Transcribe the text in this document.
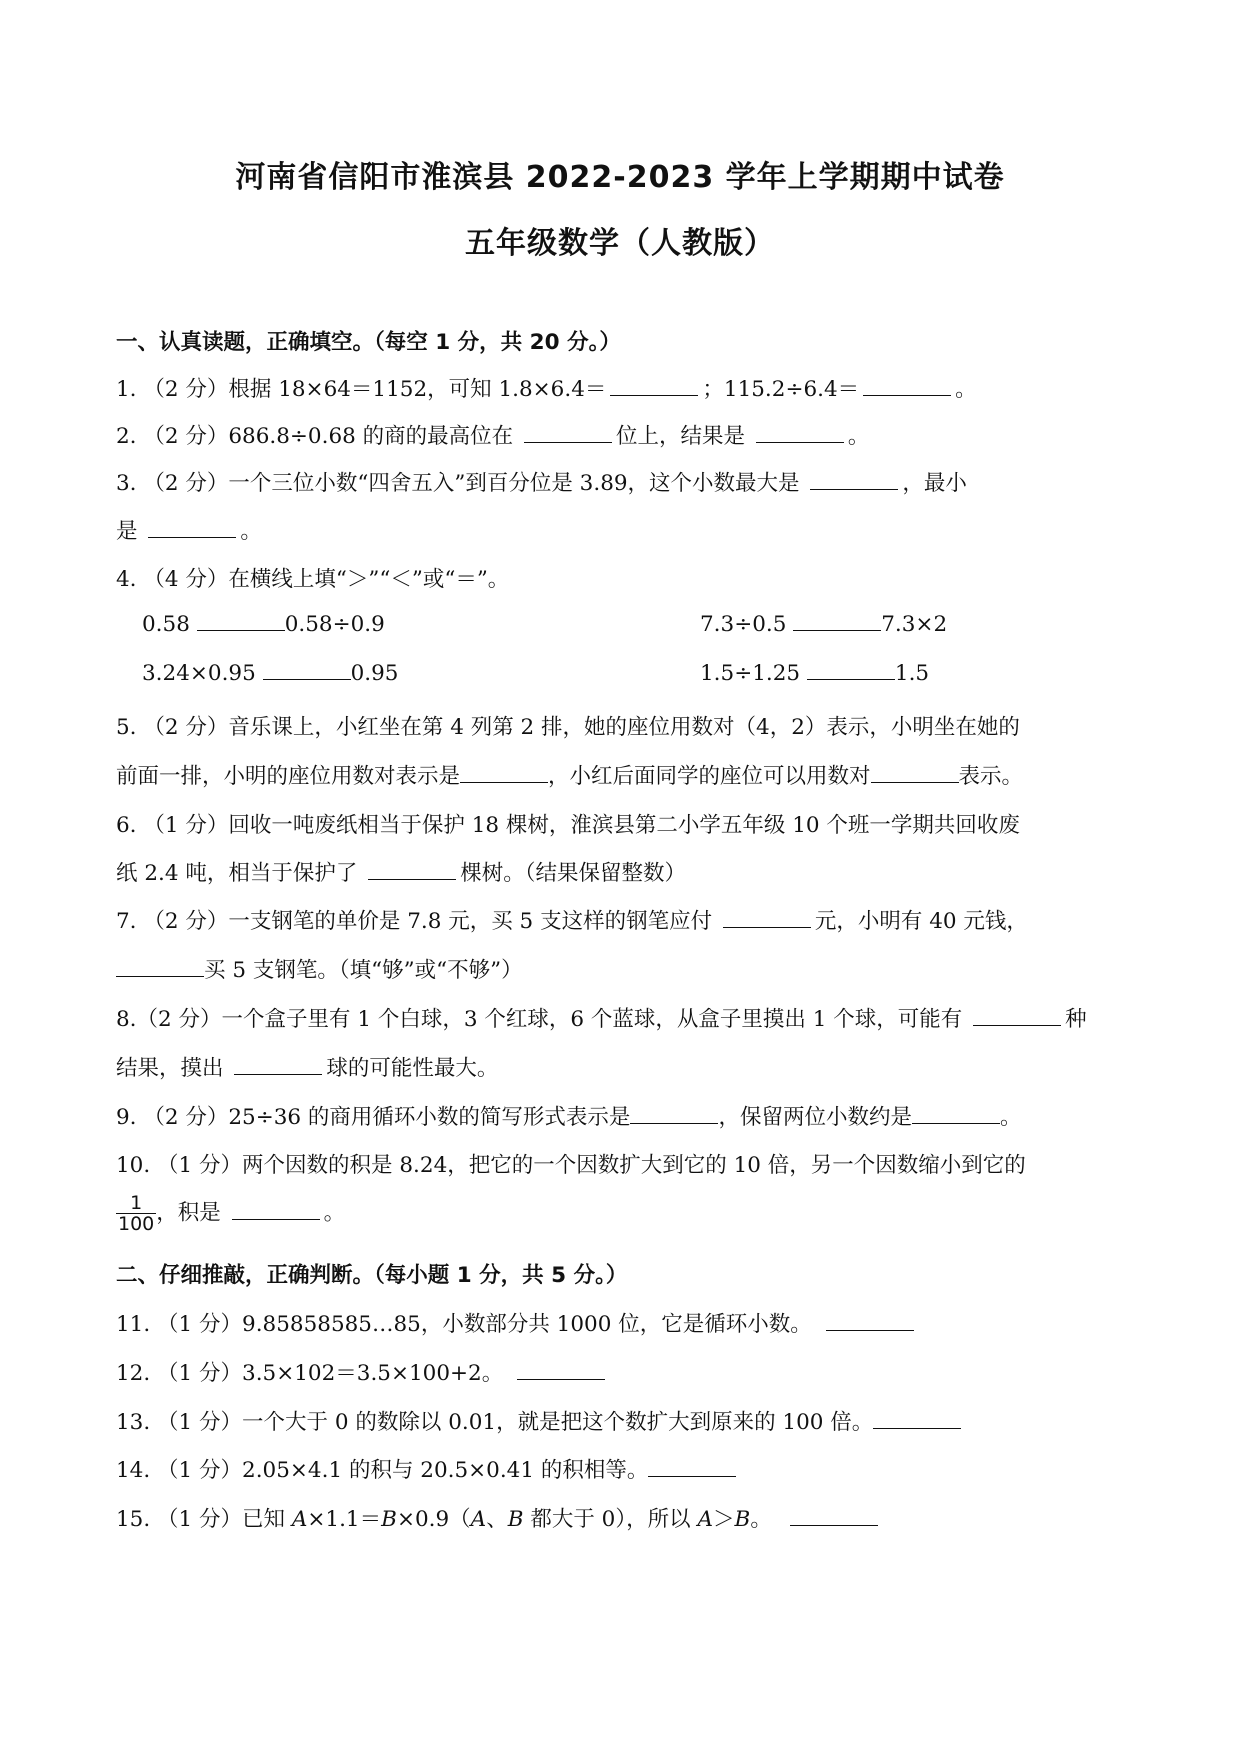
河南省信阳市淮滨县 2022-2023 学年上学期期中试卷
五年级数学（人教版）
一、认真读题，正确填空。（每空 1 分，共 20 分。）
1. （2 分）根据 18×64＝1152，可知 1.8×6.4＝	；115.2÷6.4＝	。
2. （2 分）686.8÷0.68 的商的最高位在	位上，结果是	。
3. （2 分）一个三位小数“四舍五入”到百分位是 3.89，这个小数最大是	，最小
是	。
4. （4 分）在横线上填“＞”“＜”或“＝”。
0.58	0.58÷0.9	7.3÷0.5	7.3×2
3.24×0.95	0.95	1.5÷1.25	1.5
5. （2 分）音乐课上，小红坐在第 4 列第 2 排，她的座位用数对（4，2）表示，小明坐在她的
前面一排，小明的座位用数对表示是	，小红后面同学的座位可以用数对	表示。
6. （1 分）回收一吨废纸相当于保护 18 棵树，淮滨县第二小学五年级 10 个班一学期共回收废
纸 2.4 吨，相当于保护了	棵树。（结果保留整数）
7. （2 分）一支钢笔的单价是 7.8 元，买 5 支这样的钢笔应付	元，小明有 40 元钱，
买 5 支钢笔。（填“够”或“不够”）
8.（2 分）一个盒子里有 1 个白球，3 个红球，6 个蓝球，从盒子里摸出 1 个球，可能有	种
结果，摸出	球的可能性最大。
9. （2 分）25÷36 的商用循环小数的简写形式表示是	，保留两位小数约是	。
10. （1 分）两个因数的积是 8.24，把它的一个因数扩大到它的 10 倍，另一个因数缩小到它的
$\frac{1}{100}$ ，积是	。
二、仔细推敲，正确判断。（每小题 1 分，共 5 分。）
11. （1 分）9.85858585…85，小数部分共 1000 位，它是循环小数。
12. （1 分）3.5×102＝3.5×100+2。
13. （1 分）一个大于 0 的数除以 0.01，就是把这个数扩大到原来的 100 倍。
14. （1 分）2.05×4.1 的积与 20.5×0.41 的积相等。
15. （1 分）已知 A×1.1＝B×0.9（A、B 都大于 0），所以 A＞B。
